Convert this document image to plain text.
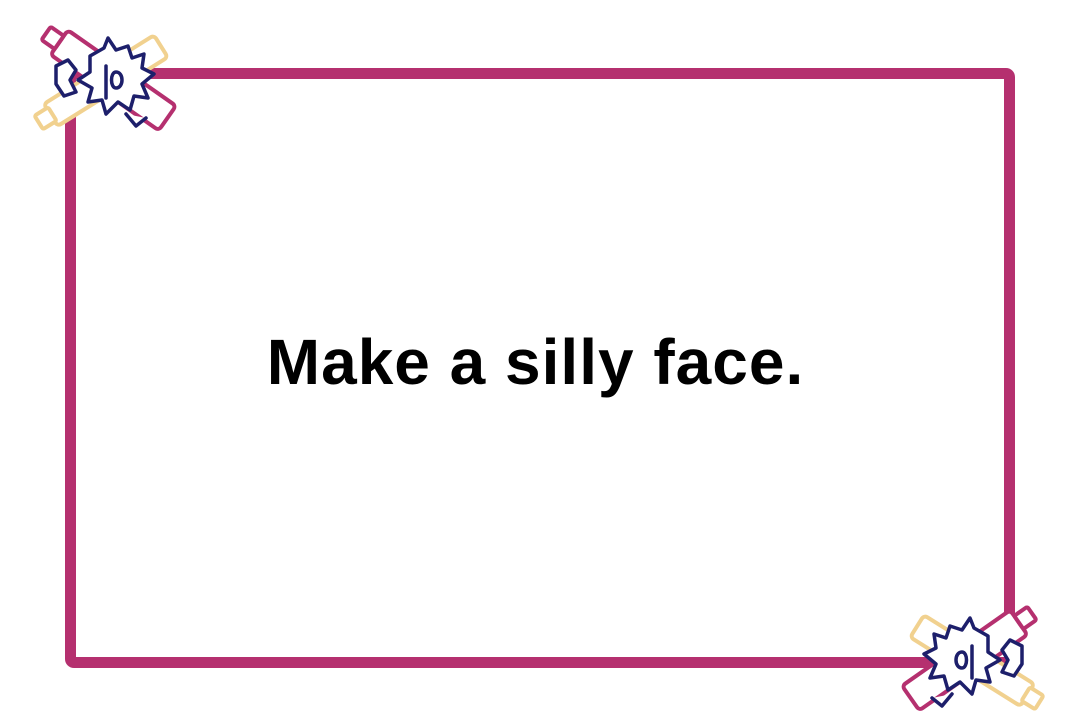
Make a silly face.
